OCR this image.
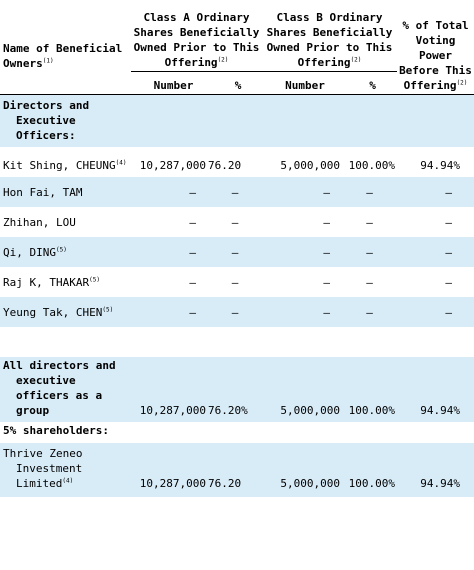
Name of Beneficial Owners$^{(1)}$	Class A Ordinary Shares Beneficially Owned Prior to This Offering$^{(2)}$		Class B Ordinary Shares Beneficially Owned Prior to This Offering$^{(2)}$		% of Total Voting Power Before This Offering$^{(2)}$
	Number	%	Number	%	
Directors and Executive Officers:					
Kit Shing, CHEUNG$^{(4)}$	10,287,000	76.20	5,000,000	100.00%	94.94%
Hon Fai, TAM	—	—	—	—	—
Zhihan, LOU	—	—	—	—	—
Qi, DING$^{(5)}$	—	—	—	—	—
Raj K, THAKAR$^{(5)}$	—	—	—	—	—
Yeung Tak, CHEN$^{(5)}$	—	—	—	—	—

All directors and executive officers as a group	10,287,000	76.20%	5,000,000	100.00%	94.94%
5% shareholders:					
Thrive Zeneo Investment Limited$^{(4)}$	10,287,000	76.20	5,000,000	100.00%	94.94%
